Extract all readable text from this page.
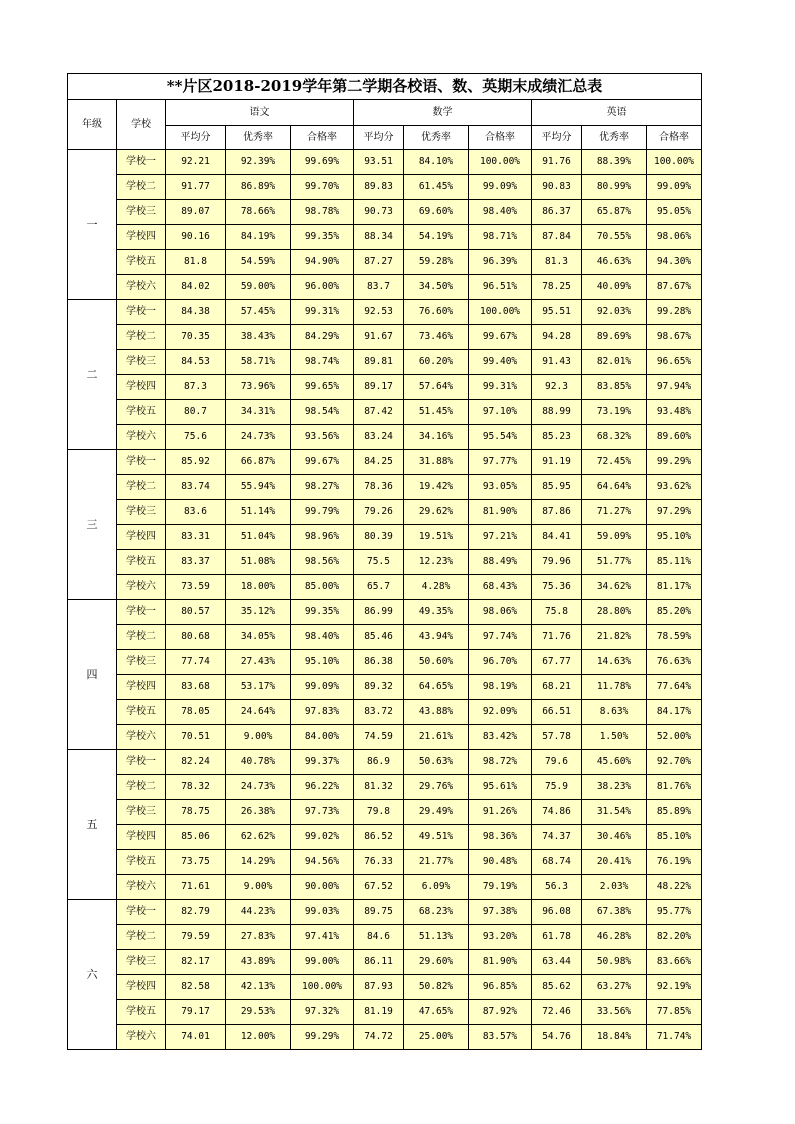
**片区2018-2019学年第二学期各校语、数、英期末成绩汇总表										
年级	学校	语文			数学			英语		
		平均分	优秀率	合格率	平均分	优秀率	合格率	平均分	优秀率	合格率
一	学校一	92.21	92.39%	99.69%	93.51	84.10%	100.00%	91.76	88.39%	100.00%
	学校二	91.77	86.89%	99.70%	89.83	61.45%	99.09%	90.83	80.99%	99.09%
	学校三	89.07	78.66%	98.78%	90.73	69.60%	98.40%	86.37	65.87%	95.05%
	学校四	90.16	84.19%	99.35%	88.34	54.19%	98.71%	87.84	70.55%	98.06%
	学校五	81.8	54.59%	94.90%	87.27	59.28%	96.39%	81.3	46.63%	94.30%
	学校六	84.02	59.00%	96.00%	83.7	34.50%	96.51%	78.25	40.09%	87.67%
二	学校一	84.38	57.45%	99.31%	92.53	76.60%	100.00%	95.51	92.03%	99.28%
	学校二	70.35	38.43%	84.29%	91.67	73.46%	99.67%	94.28	89.69%	98.67%
	学校三	84.53	58.71%	98.74%	89.81	60.20%	99.40%	91.43	82.01%	96.65%
	学校四	87.3	73.96%	99.65%	89.17	57.64%	99.31%	92.3	83.85%	97.94%
	学校五	80.7	34.31%	98.54%	87.42	51.45%	97.10%	88.99	73.19%	93.48%
	学校六	75.6	24.73%	93.56%	83.24	34.16%	95.54%	85.23	68.32%	89.60%
三	学校一	85.92	66.87%	99.67%	84.25	31.88%	97.77%	91.19	72.45%	99.29%
	学校二	83.74	55.94%	98.27%	78.36	19.42%	93.05%	85.95	64.64%	93.62%
	学校三	83.6	51.14%	99.79%	79.26	29.62%	81.90%	87.86	71.27%	97.29%
	学校四	83.31	51.04%	98.96%	80.39	19.51%	97.21%	84.41	59.09%	95.10%
	学校五	83.37	51.08%	98.56%	75.5	12.23%	88.49%	79.96	51.77%	85.11%
	学校六	73.59	18.00%	85.00%	65.7	4.28%	68.43%	75.36	34.62%	81.17%
四	学校一	80.57	35.12%	99.35%	86.99	49.35%	98.06%	75.8	28.80%	85.20%
	学校二	80.68	34.05%	98.40%	85.46	43.94%	97.74%	71.76	21.82%	78.59%
	学校三	77.74	27.43%	95.10%	86.38	50.60%	96.70%	67.77	14.63%	76.63%
	学校四	83.68	53.17%	99.09%	89.32	64.65%	98.19%	68.21	11.78%	77.64%
	学校五	78.05	24.64%	97.83%	83.72	43.88%	92.09%	66.51	8.63%	84.17%
	学校六	70.51	9.00%	84.00%	74.59	21.61%	83.42%	57.78	1.50%	52.00%
五	学校一	82.24	40.78%	99.37%	86.9	50.63%	98.72%	79.6	45.60%	92.70%
	学校二	78.32	24.73%	96.22%	81.32	29.76%	95.61%	75.9	38.23%	81.76%
	学校三	78.75	26.38%	97.73%	79.8	29.49%	91.26%	74.86	31.54%	85.89%
	学校四	85.06	62.62%	99.02%	86.52	49.51%	98.36%	74.37	30.46%	85.10%
	学校五	73.75	14.29%	94.56%	76.33	21.77%	90.48%	68.74	20.41%	76.19%
	学校六	71.61	9.00%	90.00%	67.52	6.09%	79.19%	56.3	2.03%	48.22%
六	学校一	82.79	44.23%	99.03%	89.75	68.23%	97.38%	96.08	67.38%	95.77%
	学校二	79.59	27.83%	97.41%	84.6	51.13%	93.20%	61.78	46.28%	82.20%
	学校三	82.17	43.89%	99.00%	86.11	29.60%	81.90%	63.44	50.98%	83.66%
	学校四	82.58	42.13%	100.00%	87.93	50.82%	96.85%	85.62	63.27%	92.19%
	学校五	79.17	29.53%	97.32%	81.19	47.65%	87.92%	72.46	33.56%	77.85%
	学校六	74.01	12.00%	99.29%	74.72	25.00%	83.57%	54.76	18.84%	71.74%
